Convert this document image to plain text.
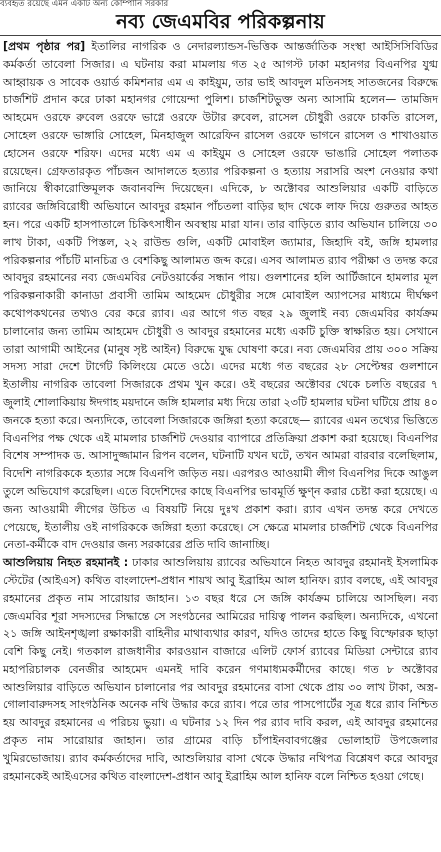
ব্যবহৃত রয়েছে এমন একটি অন্য কোম্পানি সরকার
নব্য জেএমবির পরিকল্পনায়

[প্রথম পৃষ্ঠার পর] ইতালির নাগরিক ও নেদারল্যান্ডস-ভিত্তিক আন্তর্জাতিক সংস্থা আইসিসিবিডির কর্মকর্তা তাবেলা সিজার। এ ঘটনায় করা মামলায় গত ২৫ আগস্ট ঢাকা মহানগর বিএনপির যুগ্ম আহ্বায়ক ও সাবেক ওয়ার্ড কমিশনার এম এ কাইয়ুম, তার ভাই আবদুল মতিনসহ সাতজনের বিরুদ্ধে চার্জশিট প্রদান করে ঢাকা মহানগর গোয়েন্দা পুলিশ। চার্জশিটভুক্ত অন্য আসামি হলেন— তামজিদ আহমেদ ওরফে রুবেল ওরফে ভাগ্নে ওরফে উটার রুবেল, রাসেল চৌধুরী ওরফে চাকতি রাসেল, সোহেল ওরফে ভাঙ্গারি সোহেল, মিনহাজুল আরেফিন রাসেল ওরফে ভাগনে রাসেল ও শাখাওয়াত হোসেন ওরফে শরিফ। এদের মধ্যে এম এ কাইয়ুম ও সোহেল ওরফে ভাঙারি সোহেল পলাতক রয়েছেন। গ্রেফতারকৃত পাঁচজন আদালতে হত্যার পরিকল্পনা ও হত্যায় সরাসরি অংশ নেওয়ার কথা জানিয়ে স্বীকারোক্তিমূলক জবানবন্দি দিয়েছেন। এদিকে, ৮ অক্টোবর আশুলিয়ার একটি বাড়িতে র‍্যাবের জঙ্গিবিরোধী অভিযানে আবদুর রহমান পাঁচতলা বাড়ির ছাদ থেকে লাফ দিয়ে গুরুতর আহত হন। পরে একটি হাসপাতালে চিকিৎসাধীন অবস্থায় মারা যান। তার বাড়িতে র‍্যাব অভিযান চালিয়ে ৩০ লাখ টাকা, একটি পিস্তল, ২২ রাউন্ড গুলি, একটি মোবাইল জ্যামার, জিহাদি বই, জঙ্গি হামলার পরিকল্পনার পাঁচটি মানচিত্র ও বেশকিছু আলামত জব্দ করে। এসব আলামত র‍্যাব পরীক্ষা ও তদন্ত করে আবদুর রহমানের নব্য জেএমবির নেটওয়ার্কের সন্ধান পায়। গুলশানের হলি আর্টিজানে হামলার মূল পরিকল্পনাকারী কানাডা প্রবাসী তামিম আহমেদ চৌধুরীর সঙ্গে মোবাইল অ্যাপসের মাধ্যমে দীর্ঘক্ষণ কথোপকথনের তথ্যও বের করে র‍্যাব। এর আগে গত বছর ২৯ জুলাই নব্য জেএমবির কার্যক্রম চালানোর জন্য তামিম আহমেদ চৌধুরী ও আবদুর রহমানের মধ্যে একটি চুক্তি স্বাক্ষরিত হয়। সেখানে তারা আগামী আইনের (মানুষ সৃষ্ট আইন) বিরুদ্ধে যুদ্ধ ঘোষণা করে। নব্য জেএমবির প্রায় ৩০০ সক্রিয় সদস্য সারা দেশে টার্গেট কিলিংয়ে মেতে ওঠে। এদের মধ্যে গত বছরের ২৮ সেপ্টেম্বর গুলশানে ইতালীয় নাগরিক তাবেলা সিজারকে প্রথম খুন করে। ওই বছরের অক্টোবর থেকে চলতি বছরের ৭ জুলাই শোলাকিয়ায় ঈদগাহ ময়দানে জঙ্গি হামলার মধ্য দিয়ে তারা ২৩টি হামলার ঘটনা ঘটিয়ে প্রায় ৪০ জনকে হত্যা করে। অন্যদিকে, তাবেলা সিজারকে জঙ্গিরা হত্যা করেছে— র‍্যাবের এমন তথ্যের ভিত্তিতে বিএনপির পক্ষ থেকে এই মামলার চার্জশিট দেওয়ার ব্যাপারে প্রতিক্রিয়া প্রকাশ করা হয়েছে। বিএনপির বিশেষ সম্পাদক ড. আসাদুজ্জামান রিপন বলেন, ঘটনাটি যখন ঘটে, তখন আমরা বারবার বলেছিলাম, বিদেশি নাগরিককে হত্যার সঙ্গে বিএনপি জড়িত নয়। এরপরও আওয়ামী লীগ বিএনপির দিকে আঙুল তুলে অভিযোগ করেছিল। এতে বিদেশিদের কাছে বিএনপির ভাবমূর্তি ক্ষুণ্ন করার চেষ্টা করা হয়েছে। এ জন্য আওয়ামী লীগের উচিত এ বিষয়টি নিয়ে দুঃখ প্রকাশ করা। র‍্যাব এখন তদন্ত করে দেখতে পেয়েছে, ইতালীয় ওই নাগরিককে জঙ্গিরা হত্যা করেছে। সে ক্ষেত্রে মামলার চার্জশিট থেকে বিএনপির নেতা-কর্মীকে বাদ দেওয়ার জন্য সরকারের প্রতি দাবি জানাচ্ছি।

আশুলিয়ায় নিহত রহমানই : ঢাকার আশুলিয়ায় র‍্যাবের অভিযানে নিহত আবদুর রহমানই ইসলামিক স্টেটের (আইএস) কথিত বাংলাদেশ-প্রধান শায়খ আবু ইব্রাহিম আল হানিফ। র‍্যাব বলছে, এই আবদুর রহমানের প্রকৃত নাম সারোয়ার জাহান। ১৩ বছর ধরে সে জঙ্গি কার্যক্রম চালিয়ে আসছিল। নব্য জেএমবির শূরা সদস্যদের সিদ্ধান্তে সে সংগঠনের আমিরের দায়িত্ব পালন করছিল। অন্যদিকে, এখনো ২১ জঙ্গি আইনশৃঙ্খলা রক্ষাকারী বাহিনীর মাথাব্যথার কারণ, যদিও তাদের হাতে কিছু বিস্ফোরক ছাড়া বেশি কিছু নেই। গতকাল রাজধানীর কারওয়ান বাজারে এলিট ফোর্স র‍্যাবের মিডিয়া সেন্টারে র‍্যাব মহাপরিচালক বেনজীর আহমেদ এমনই দাবি করেন গণমাধ্যমকর্মীদের কাছে। গত ৮ অক্টোবর আশুলিয়ার বাড়িতে অভিযান চালানোর পর আবদুর রহমানের বাসা থেকে প্রায় ৩০ লাখ টাকা, অস্ত্র-গোলাবারুদসহ সাংগঠনিক অনেক নথি উদ্ধার করে র‍্যাব। পরে তার পাসপোর্টের সূত্র ধরে র‍্যাব নিশ্চিত হয় আবদুর রহমানের এ পরিচয় ভুয়া। এ ঘটনার ১২ দিন পর র‍্যাব দাবি করল, এই আবদুর রহমানের প্রকৃত নাম সারোয়ার জাহান। তার গ্রামের বাড়ি চাঁপাইনবাবগঞ্জের ভোলাহাট উপজেলার খুমিরভোজায়। র‍্যাব কর্মকর্তাদের দাবি, আশুলিয়ার বাসা থেকে উদ্ধার নথিপত্র বিশ্লেষণ করে আবদুর রহমানকেই আইএসের কথিত বাংলাদেশ-প্রধান আবু ইব্রাহিম আল হানিফ বলে নিশ্চিত হওয়া গেছে।
